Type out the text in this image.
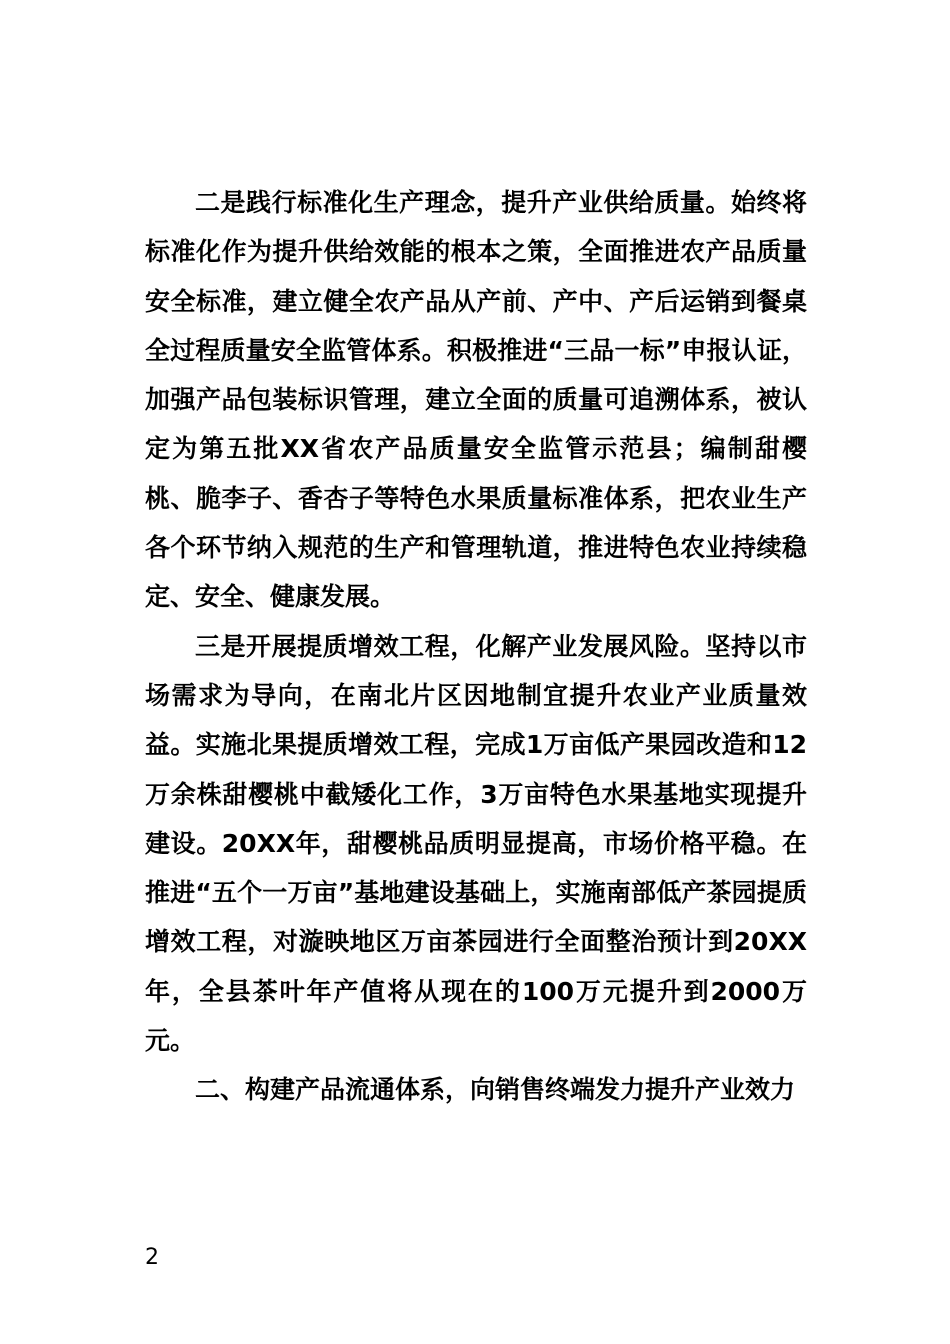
二是践行标准化生产理念，提升产业供给质量。始终将标准化作为提升供给效能的根本之策，全面推进农产品质量安全标准，建立健全农产品从产前、产中、产后运销到餐桌全过程质量安全监管体系。积极推进“三品一标”申报认证，加强产品包装标识管理，建立全面的质量可追溯体系，被认定为第五批XX省农产品质量安全监管示范县；编制甜樱桃、脆李子、香杏子等特色水果质量标准体系，把农业生产各个环节纳入规范的生产和管理轨道，推进特色农业持续稳定、安全、健康发展。

三是开展提质增效工程，化解产业发展风险。坚持以市场需求为导向，在南北片区因地制宜提升农业产业质量效益。实施北果提质增效工程，完成1万亩低产果园改造和12万余株甜樱桃中截矮化工作，3万亩特色水果基地实现提升建设。20XX年，甜樱桃品质明显提高，市场价格平稳。在推进“五个一万亩”基地建设基础上，实施南部低产茶园提质增效工程，对漩映地区万亩茶园进行全面整治预计到20XX年，全县茶叶年产值将从现在的100万元提升到2000万元。

二、构建产品流通体系，向销售终端发力提升产业效力

2
